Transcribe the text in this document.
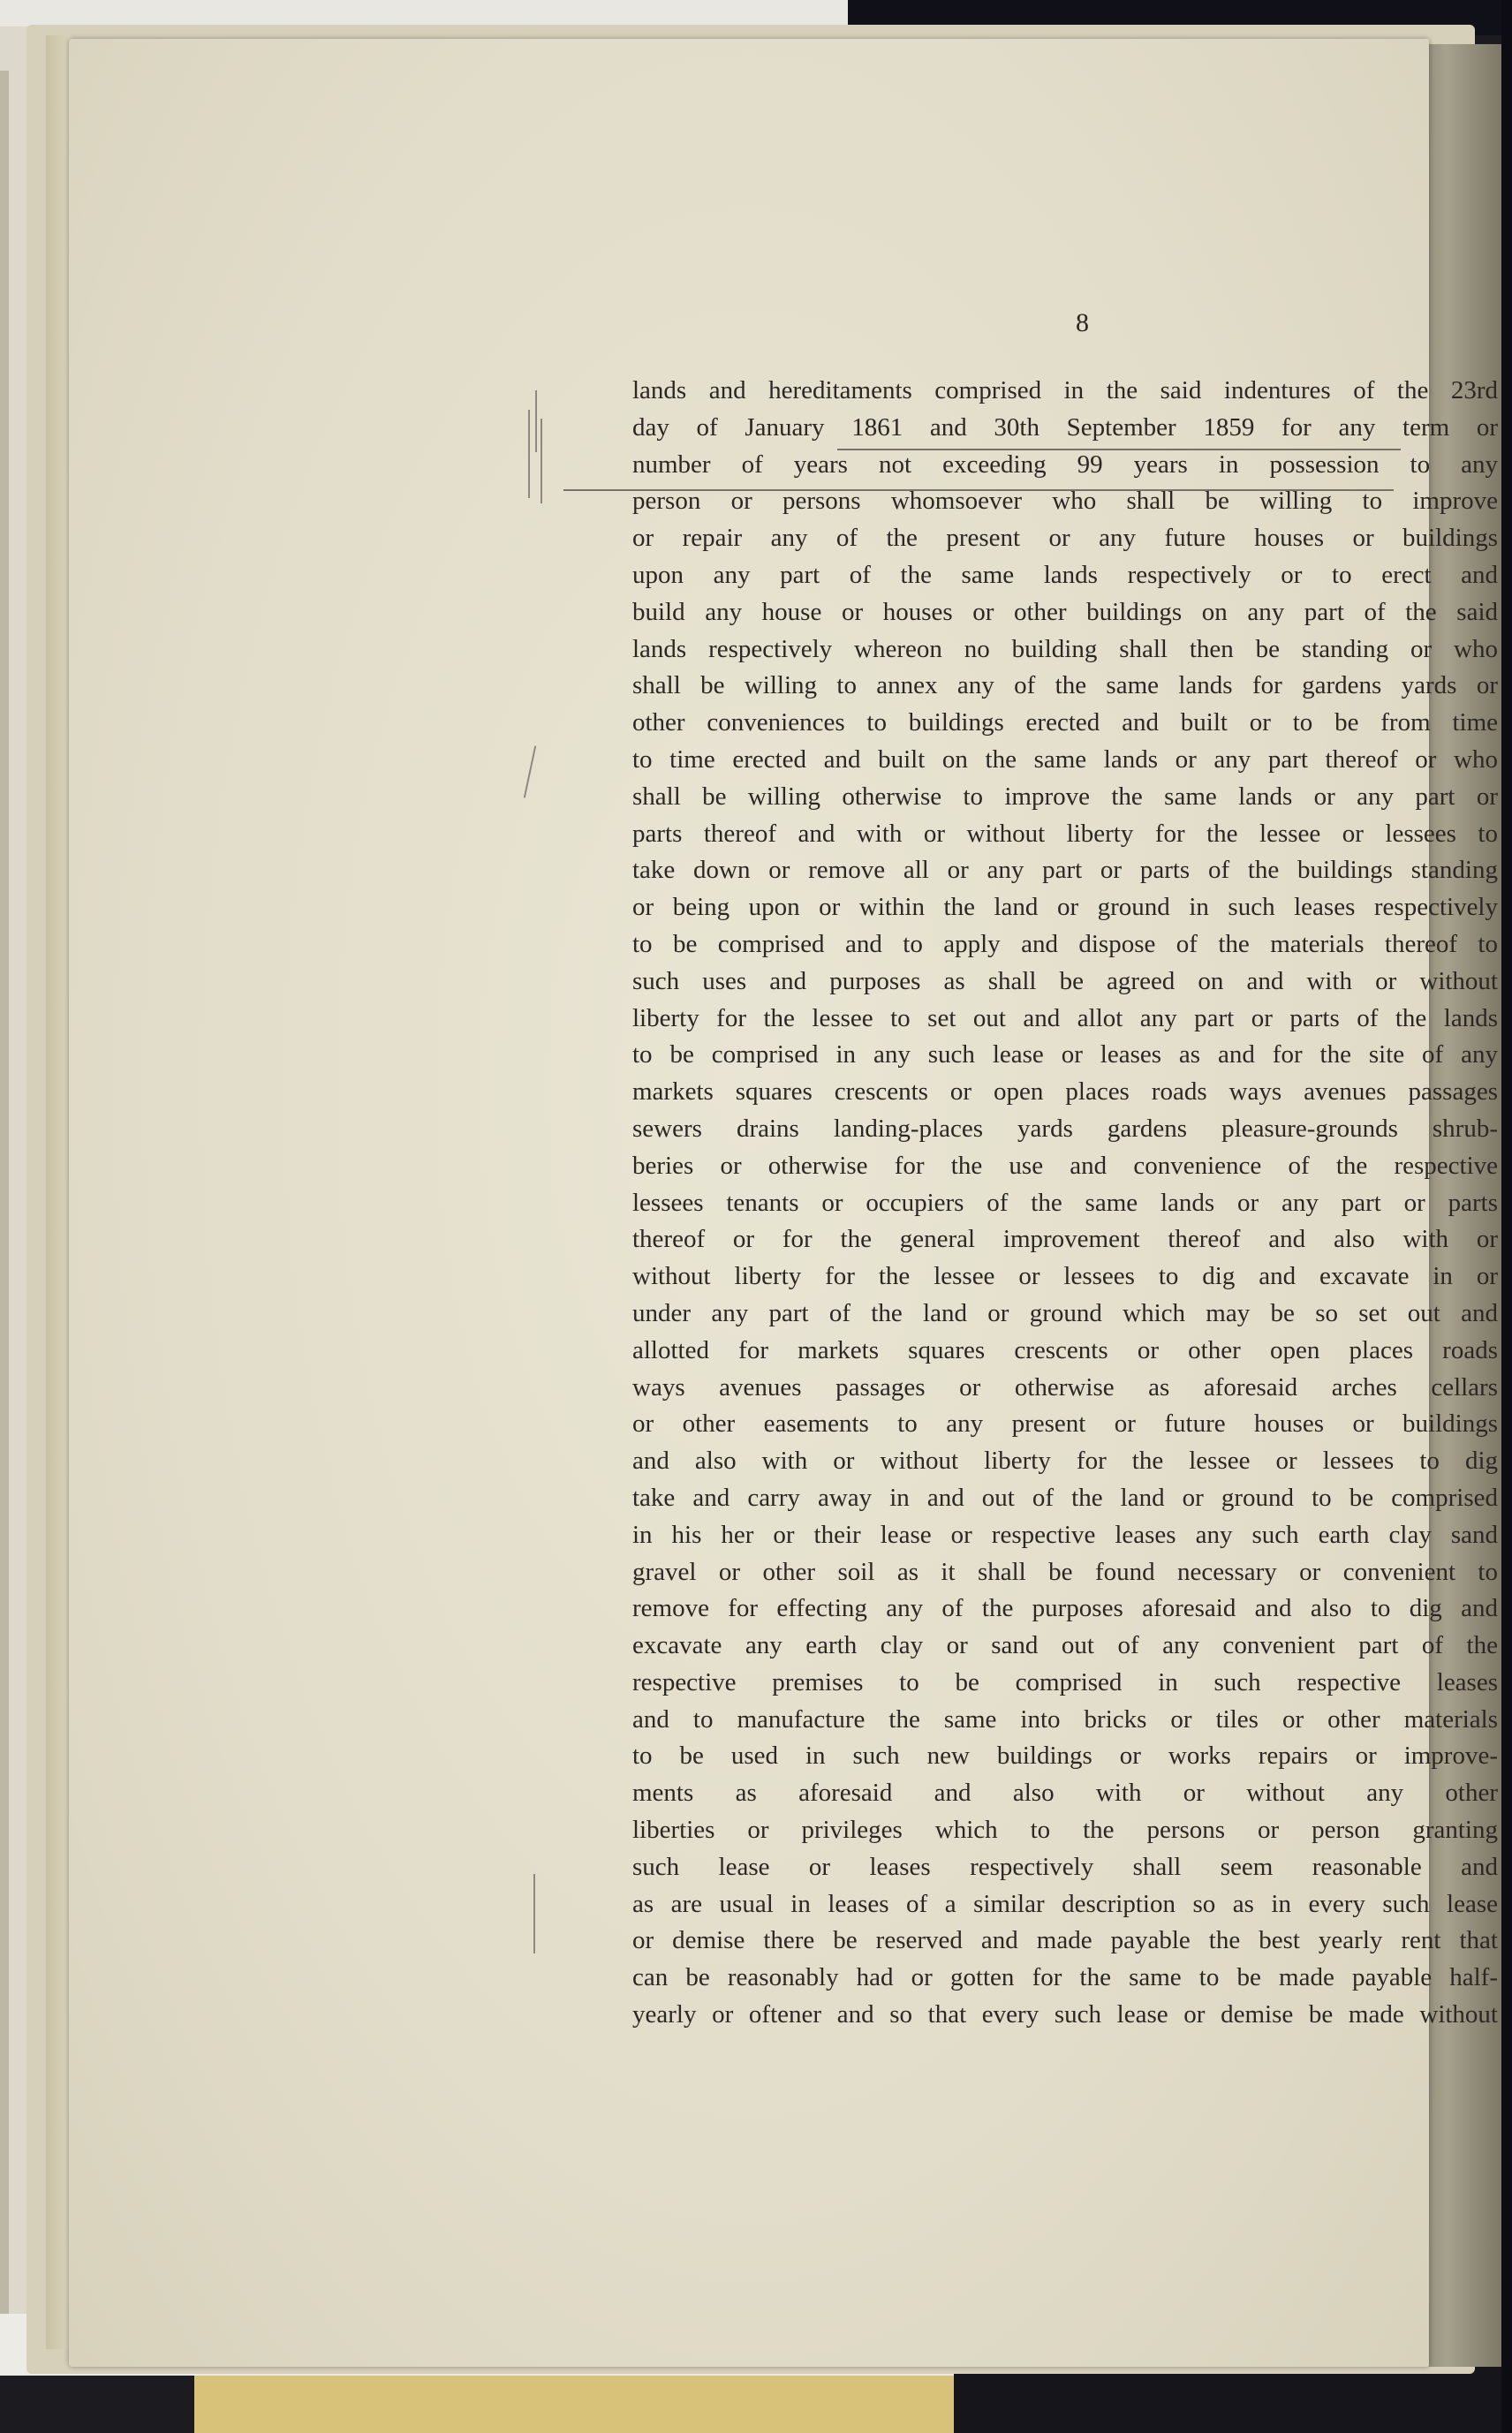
8
lands and hereditaments comprised in the said indentures of the 23rd
day of January 1861 and 30th September 1859 for any term or
number of years not exceeding 99 years in possession to any
person or persons whomsoever who shall be willing to improve
or repair any of the present or any future houses or buildings
upon any part of the same lands respectively or to erect and
build any house or houses or other buildings on any part of the said
lands respectively whereon no building shall then be standing or who
shall be willing to annex any of the same lands for gardens yards or
other conveniences to buildings erected and built or to be from time
to time erected and built on the same lands or any part thereof or who
shall be willing otherwise to improve the same lands or any part or
parts thereof and with or without liberty for the lessee or lessees to
take down or remove all or any part or parts of the buildings standing
or being upon or within the land or ground in such leases respectively
to be comprised and to apply and dispose of the materials thereof to
such uses and purposes as shall be agreed on and with or without
liberty for the lessee to set out and allot any part or parts of the lands
to be comprised in any such lease or leases as and for the site of any
markets squares crescents or open places roads ways avenues passages
sewers drains landing-places yards gardens pleasure-grounds shrub-
beries or otherwise for the use and convenience of the respective
lessees tenants or occupiers of the same lands or any part or parts
thereof or for the general improvement thereof and also with or
without liberty for the lessee or lessees to dig and excavate in or
under any part of the land or ground which may be so set out and
allotted for markets squares crescents or other open places roads
ways avenues passages or otherwise as aforesaid arches cellars
or other easements to any present or future houses or buildings
and also with or without liberty for the lessee or lessees to dig
take and carry away in and out of the land or ground to be comprised
in his her or their lease or respective leases any such earth clay sand
gravel or other soil as it shall be found necessary or convenient to
remove for effecting any of the purposes aforesaid and also to dig and
excavate any earth clay or sand out of any convenient part of the
respective premises to be comprised in such respective leases
and to manufacture the same into bricks or tiles or other materials
to be used in such new buildings or works repairs or improve-
ments as aforesaid and also with or without any other
liberties or privileges which to the persons or person granting
such lease or leases respectively shall seem reasonable and
as are usual in leases of a similar description so as in every such lease
or demise there be reserved and made payable the best yearly rent that
can be reasonably had or gotten for the same to be made payable half-
yearly or oftener and so that every such lease or demise be made without
